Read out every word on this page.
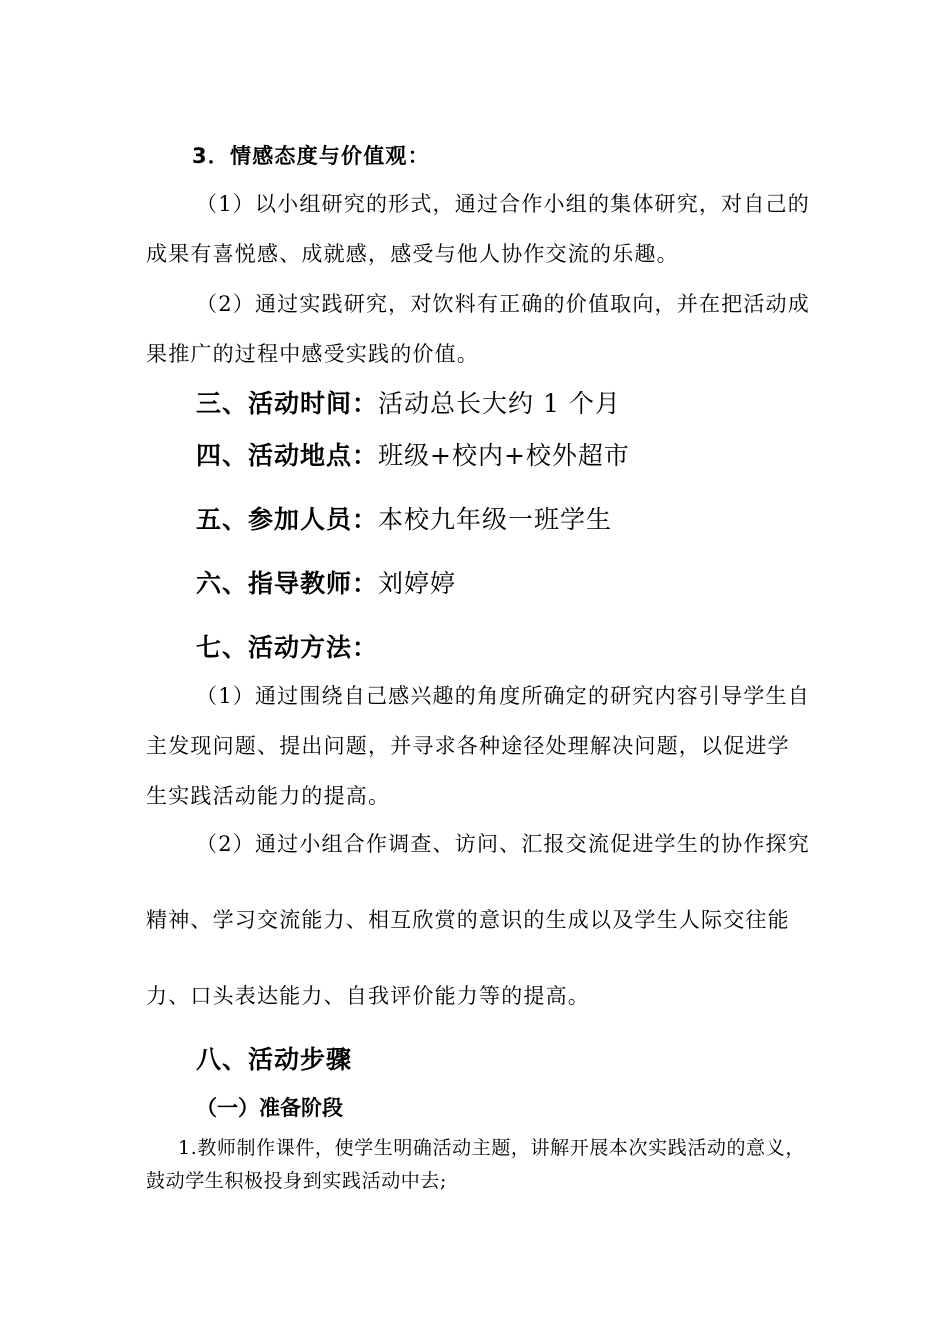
3．情感态度与价值观：

（1）以小组研究的形式，通过合作小组的集体研究，对自己的

成果有喜悦感、成就感，感受与他人协作交流的乐趣。

（2）通过实践研究，对饮料有正确的价值取向，并在把活动成

果推广的过程中感受实践的价值。

三、活动时间：活动总长大约 1 个月

四、活动地点：班级+校内+校外超市

五、参加人员：本校九年级一班学生

六、指导教师：刘婷婷

七、活动方法：

（1）通过围绕自己感兴趣的角度所确定的研究内容引导学生自

主发现问题、提出问题，并寻求各种途径处理解决问题，以促进学

生实践活动能力的提高。

（2）通过小组合作调查、访问、汇报交流促进学生的协作探究

精神、学习交流能力、相互欣赏的意识的生成以及学生人际交往能

力、口头表达能力、自我评价能力等的提高。

八、活动步骤

（一）准备阶段

1.教师制作课件，使学生明确活动主题，讲解开展本次实践活动的意义，

鼓动学生积极投身到实践活动中去;
